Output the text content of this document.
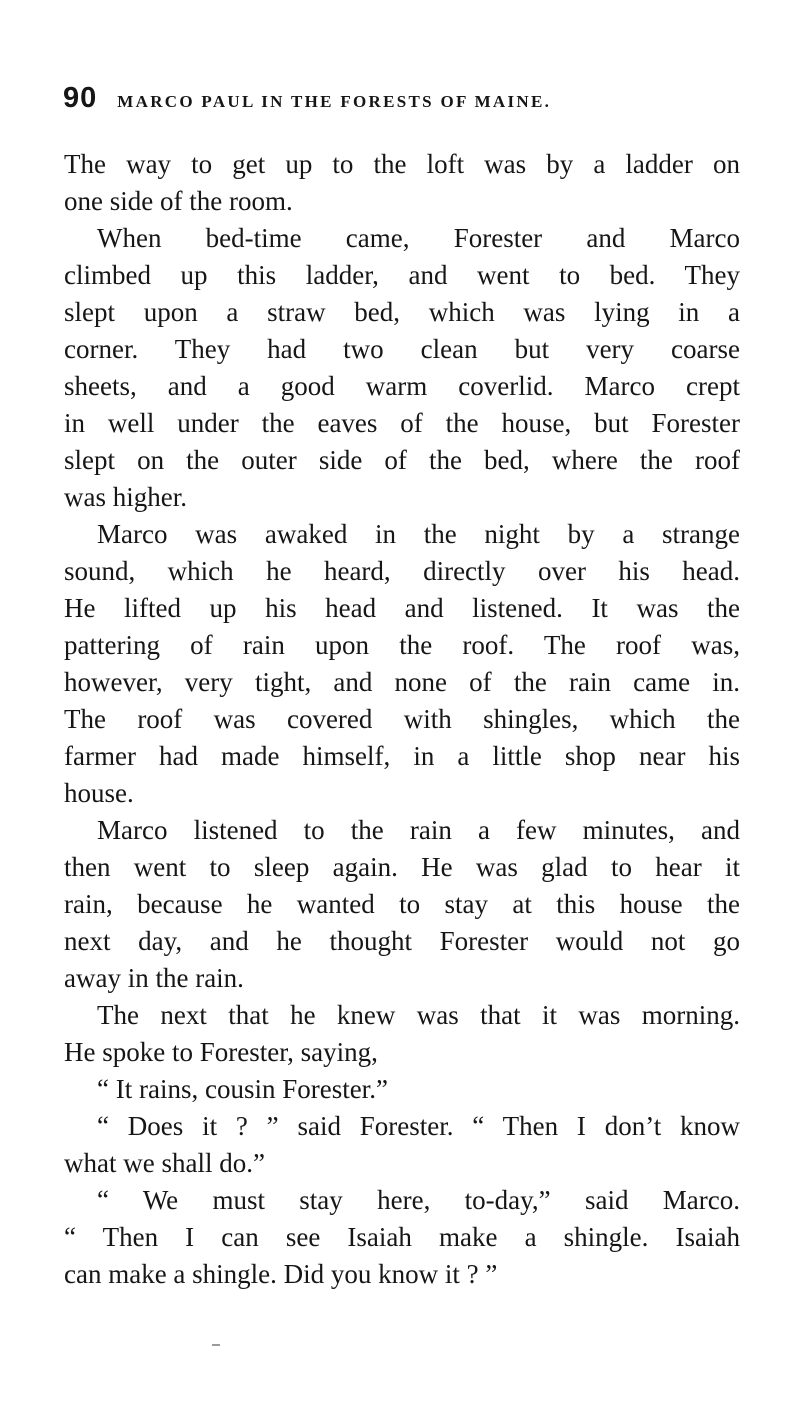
90 MARCO PAUL IN THE FORESTS OF MAINE.
The way to get up to the loft was by a ladder on
one side of the room.
When bed-time came, Forester and Marco
climbed up this ladder, and went to bed. They
slept upon a straw bed, which was lying in a
corner. They had two clean but very coarse
sheets, and a good warm coverlid. Marco crept
in well under the eaves of the house, but Forester
slept on the outer side of the bed, where the roof
was higher.
Marco was awaked in the night by a strange
sound, which he heard, directly over his head.
He lifted up his head and listened. It was the
pattering of rain upon the roof. The roof was,
however, very tight, and none of the rain came in.
The roof was covered with shingles, which the
farmer had made himself, in a little shop near his
house.
Marco listened to the rain a few minutes, and
then went to sleep again. He was glad to hear it
rain, because he wanted to stay at this house the
next day, and he thought Forester would not go
away in the rain.
The next that he knew was that it was morning.
He spoke to Forester, saying,
“ It rains, cousin Forester.”
“ Does it ? ” said Forester. “ Then I don’t know
what we shall do.”
“ We must stay here, to-day,” said Marco.
“ Then I can see Isaiah make a shingle. Isaiah
can make a shingle. Did you know it ? ”
